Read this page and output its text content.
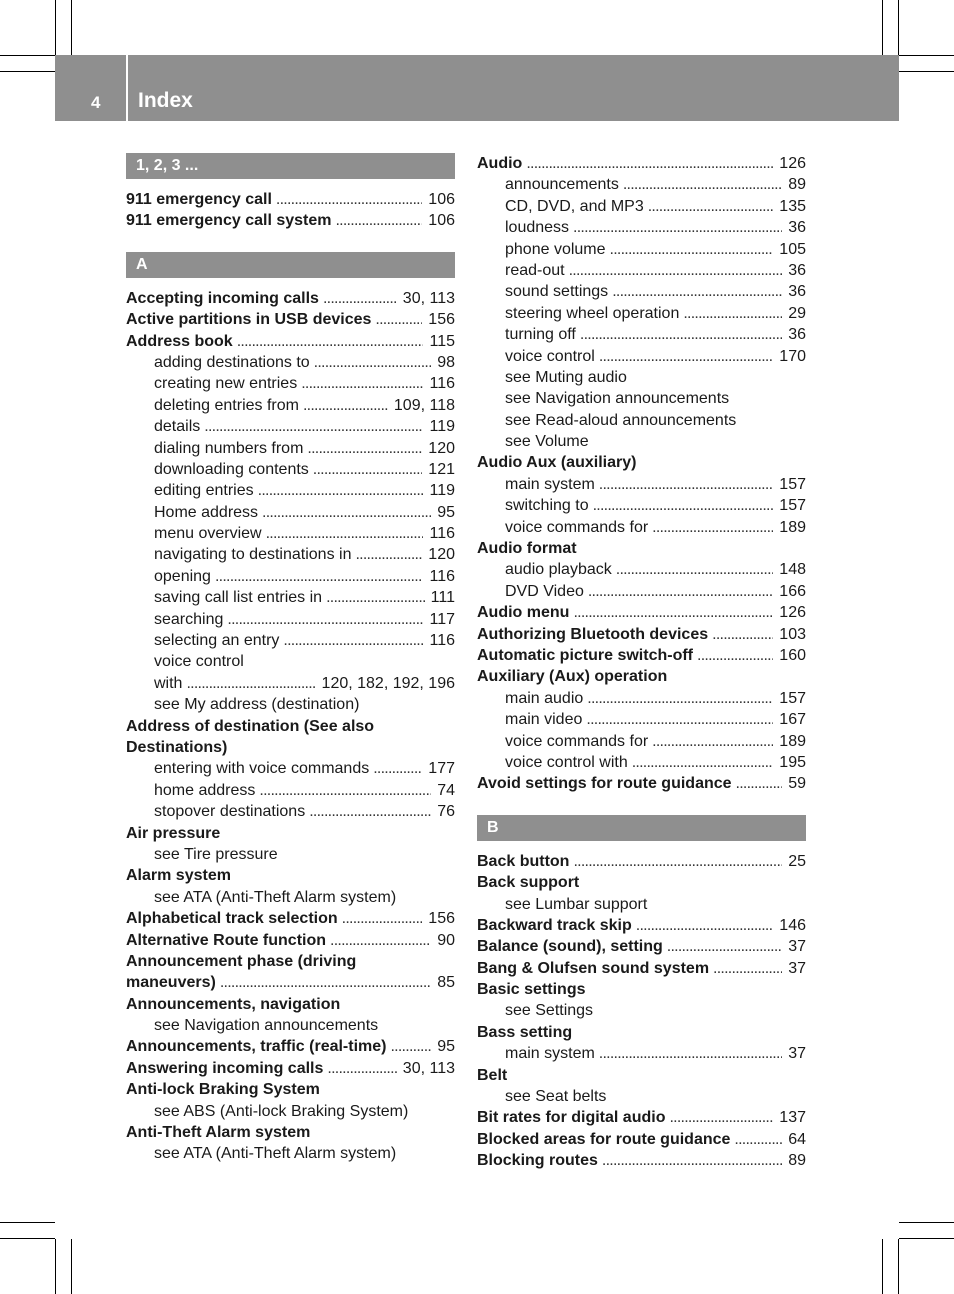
4 Index
1, 2, 3 ...
911 emergency call . . .	106
911 emergency call system . . .	106
A
Accepting incoming calls . . .	30, 113
Active partitions in USB devices . . .	156
Address book . . .	115
adding destinations to . . .	98
creating new entries . . .	116
deleting entries from . . .	109, 118
details . . .	119
dialing numbers from . . .	120
downloading contents . . .	121
editing entries . . .	119
Home address . . .	95
menu overview . . .	116
navigating to destinations in . . .	120
opening . . .	116
saving call list entries in . . .	111
searching . . .	117
selecting an entry . . .	116
voice control
with . . .	120, 182, 192, 196
see My address (destination)
Address of destination (See also
Destinations)
entering with voice commands . . .	177
home address . . .	74
stopover destinations . . .	76
Air pressure
see Tire pressure
Alarm system
see ATA (Anti-Theft Alarm system)
Alphabetical track selection . . .	156
Alternative Route function . . .	90
Announcement phase (driving
maneuvers) . . .	85
Announcements, navigation
see Navigation announcements
Announcements, traffic (real-time) . . .	95
Answering incoming calls . . .	30, 113
Anti-lock Braking System
see ABS (Anti-lock Braking System)
Anti-Theft Alarm system
see ATA (Anti-Theft Alarm system)
Audio . . .	126
announcements . . .	89
CD, DVD, and MP3 . . .	135
loudness . . .	36
phone volume . . .	105
read-out . . .	36
sound settings . . .	36
steering wheel operation . . .	29
turning off . . .	36
voice control . . .	170
see Muting audio
see Navigation announcements
see Read-aloud announcements
see Volume
Audio Aux (auxiliary)
main system . . .	157
switching to . . .	157
voice commands for . . .	189
Audio format
audio playback . . .	148
DVD Video . . .	166
Audio menu . . .	126
Authorizing Bluetooth devices . . .	103
Automatic picture switch-off . . .	160
Auxiliary (Aux) operation
main audio . . .	157
main video . . .	167
voice commands for . . .	189
voice control with . . .	195
Avoid settings for route guidance . . .	59
B
Back button . . .	25
Back support
see Lumbar support
Backward track skip . . .	146
Balance (sound), setting . . .	37
Bang & Olufsen sound system . . .	37
Basic settings
see Settings
Bass setting
main system . . .	37
Belt
see Seat belts
Bit rates for digital audio . . .	137
Blocked areas for route guidance . . .	64
Blocking routes . . .	89
